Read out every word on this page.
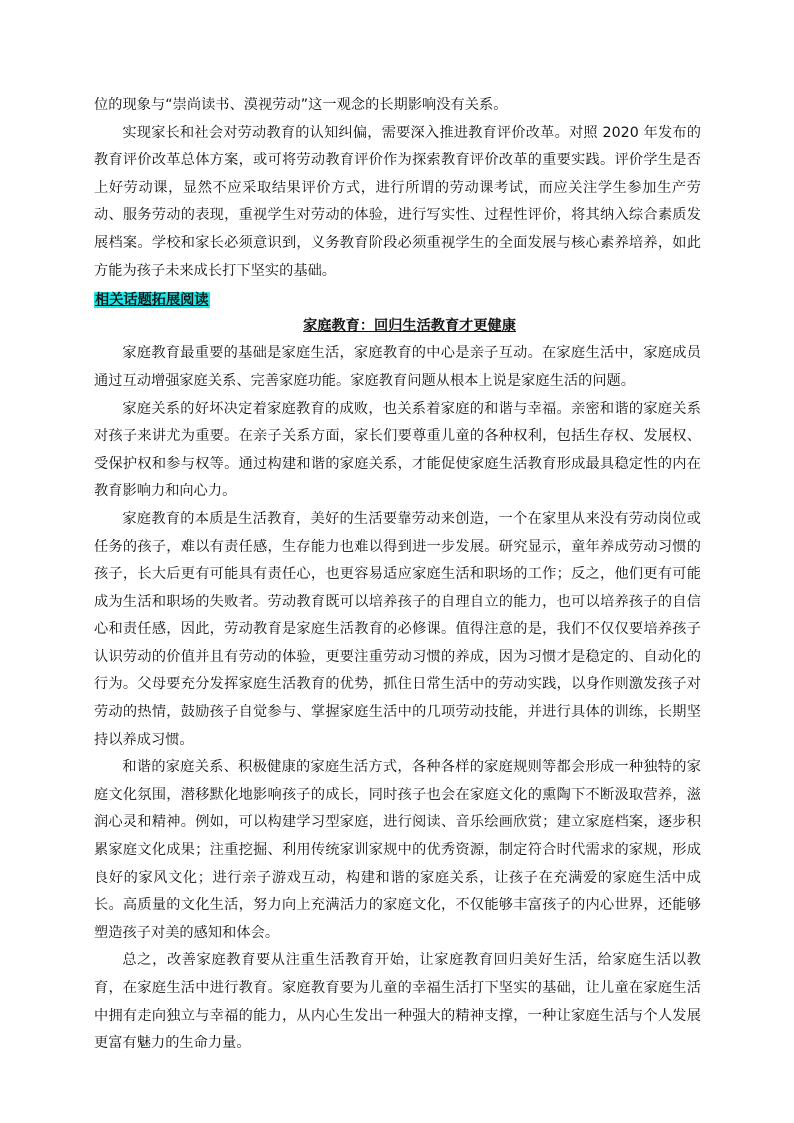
位的现象与“崇尚读书、漠视劳动”这一观念的长期影响没有关系。

实现家长和社会对劳动教育的认知纠偏，需要深入推进教育评价改革。对照 2020 年发布的教育评价改革总体方案，或可将劳动教育评价作为探索教育评价改革的重要实践。评价学生是否上好劳动课，显然不应采取结果评价方式，进行所谓的劳动课考试，而应关注学生参加生产劳动、服务劳动的表现，重视学生对劳动的体验，进行写实性、过程性评价，将其纳入综合素质发展档案。学校和家长必须意识到，义务教育阶段必须重视学生的全面发展与核心素养培养，如此方能为孩子未来成长打下坚实的基础。

相关话题拓展阅读

家庭教育：回归生活教育才更健康

家庭教育最重要的基础是家庭生活，家庭教育的中心是亲子互动。在家庭生活中，家庭成员通过互动增强家庭关系、完善家庭功能。家庭教育问题从根本上说是家庭生活的问题。

家庭关系的好坏决定着家庭教育的成败，也关系着家庭的和谐与幸福。亲密和谐的家庭关系对孩子来讲尤为重要。在亲子关系方面，家长们要尊重儿童的各种权利，包括生存权、发展权、受保护权和参与权等。通过构建和谐的家庭关系，才能促使家庭生活教育形成最具稳定性的内在教育影响力和向心力。

家庭教育的本质是生活教育，美好的生活要靠劳动来创造，一个在家里从来没有劳动岗位或任务的孩子，难以有责任感，生存能力也难以得到进一步发展。研究显示，童年养成劳动习惯的孩子，长大后更有可能具有责任心，也更容易适应家庭生活和职场的工作；反之，他们更有可能成为生活和职场的失败者。劳动教育既可以培养孩子的自理自立的能力，也可以培养孩子的自信心和责任感，因此，劳动教育是家庭生活教育的必修课。值得注意的是，我们不仅仅要培养孩子认识劳动的价值并且有劳动的体验，更要注重劳动习惯的养成，因为习惯才是稳定的、自动化的行为。父母要充分发挥家庭生活教育的优势，抓住日常生活中的劳动实践，以身作则激发孩子对劳动的热情，鼓励孩子自觉参与、掌握家庭生活中的几项劳动技能，并进行具体的训练，长期坚持以养成习惯。

和谐的家庭关系、积极健康的家庭生活方式，各种各样的家庭规则等都会形成一种独特的家庭文化氛围，潜移默化地影响孩子的成长，同时孩子也会在家庭文化的熏陶下不断汲取营养，滋润心灵和精神。例如，可以构建学习型家庭，进行阅读、音乐绘画欣赏；建立家庭档案，逐步积累家庭文化成果；注重挖掘、利用传统家训家规中的优秀资源，制定符合时代需求的家规，形成良好的家风文化；进行亲子游戏互动，构建和谐的家庭关系，让孩子在充满爱的家庭生活中成长。高质量的文化生活，努力向上充满活力的家庭文化，不仅能够丰富孩子的内心世界，还能够塑造孩子对美的感知和体会。

总之，改善家庭教育要从注重生活教育开始，让家庭教育回归美好生活，给家庭生活以教育，在家庭生活中进行教育。家庭教育要为儿童的幸福生活打下坚实的基础，让儿童在家庭生活中拥有走向独立与幸福的能力，从内心生发出一种强大的精神支撑，一种让家庭生活与个人发展更富有魅力的生命力量。
